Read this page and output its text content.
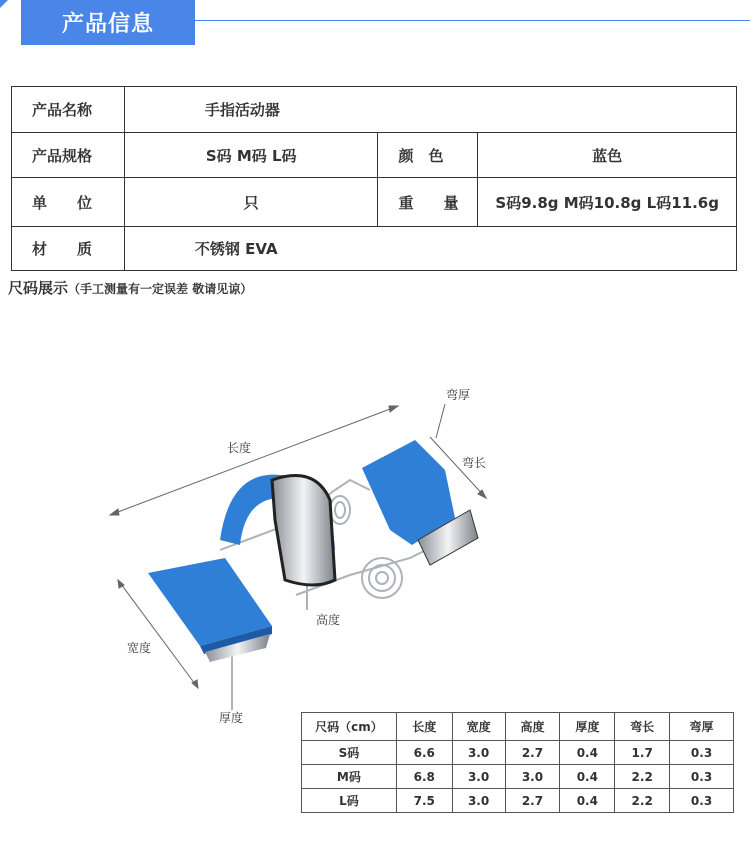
产品信息
产品名称	手指活动器		
产品规格	S码 M码 L码	颜　色	蓝色
单　　位	只	重　　量	S码9.8g M码10.8g L码11.6g
材　　质	不锈钢 EVA		
尺码展示（手工测量有一定误差 敬请见谅）
长度
弯厚
弯长
宽度
高度
厚度
尺码（cm）	长度	宽度	高度	厚度	弯长	弯厚
S码	6.6	3.0	2.7	0.4	1.7	0.3
M码	6.8	3.0	3.0	0.4	2.2	0.3
L码	7.5	3.0	2.7	0.4	2.2	0.3
